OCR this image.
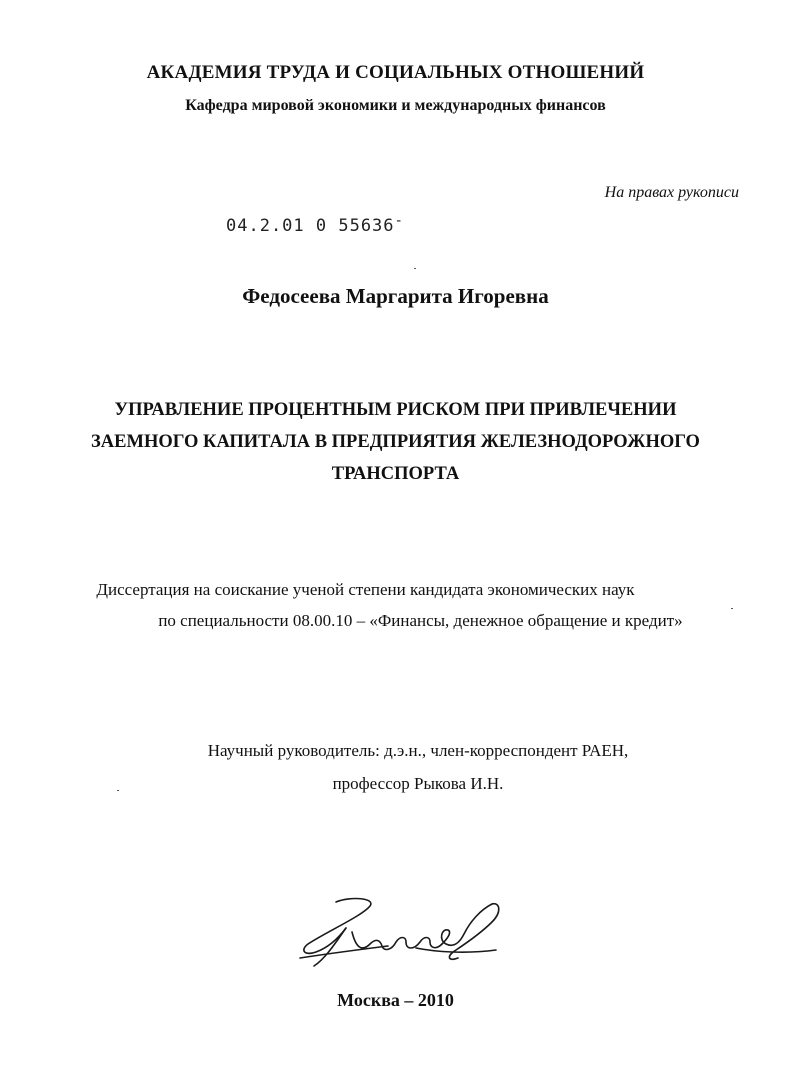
АКАДЕМИЯ ТРУДА И СОЦИАЛЬНЫХ ОТНОШЕНИЙ
Кафедра мировой экономики и международных финансов
На правах рукописи
04.2.01 0 55636-
Федосеева Маргарита Игоревна
УПРАВЛЕНИЕ ПРОЦЕНТНЫМ РИСКОМ ПРИ ПРИВЛЕЧЕНИИ
ЗАЕМНОГО КАПИТАЛА В ПРЕДПРИЯТИЯ ЖЕЛЕЗНОДОРОЖНОГО
ТРАНСПОРТА
Диссертация на соискание ученой степени кандидата экономических наук
по специальности 08.00.10 – «Финансы, денежное обращение и кредит»
Научный руководитель: д.э.н., член-корреспондент РАЕН,
профессор Рыкова И.Н.
Москва – 2010
